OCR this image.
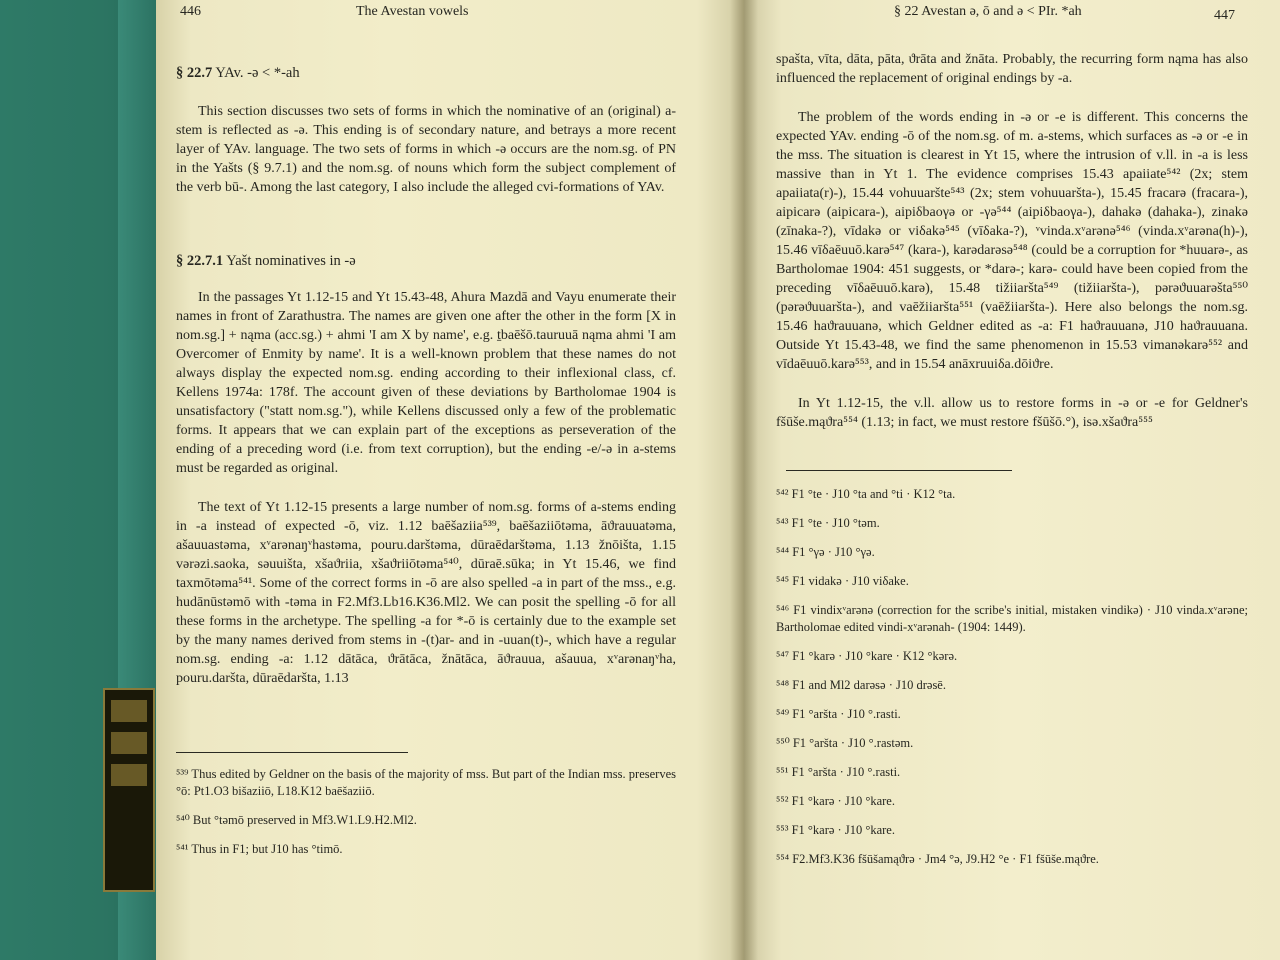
446	The Avestan vowels
§ 22.7 YAv. -ə < *-ah
This section discusses two sets of forms in which the nominative of an (original) a-stem is reflected as -ə. This ending is of secondary nature, and betrays a more recent layer of YAv. language. The two sets of forms in which -ə occurs are the nom.sg. of PN in the Yašts (§ 9.7.1) and the nom.sg. of nouns which form the subject complement of the verb bū-. Among the last category, I also include the alleged cvi-formations of YAv.
§ 22.7.1 Yašt nominatives in -ə
In the passages Yt 1.12-15 and Yt 15.43-48, Ahura Mazdā and Vayu enumerate their names in front of Zarathustra. The names are given one after the other in the form [X in nom.sg.] + nąma (acc.sg.) + ahmi 'I am X by name', e.g. ṯbaēšō.tauruuā nąma ahmi 'I am Overcomer of Enmity by name'. It is a well-known problem that these names do not always display the expected nom.sg. ending according to their inflexional class, cf. Kellens 1974a: 178f. The account given of these deviations by Bartholomae 1904 is unsatisfactory ("statt nom.sg."), while Kellens discussed only a few of the problematic forms. It appears that we can explain part of the exceptions as perseveration of the ending of a preceding word (i.e. from text corruption), but the ending -e/-ə in a-stems must be regarded as original.
The text of Yt 1.12-15 presents a large number of nom.sg. forms of a-stems ending in -a instead of expected -ō, viz. 1.12 baēšaziia⁵³⁹, baēšaziiōtəma, āϑrauuatəma, ašauuastəma, xᵛarənaŋᵛhastəma, pouru.darštəma, dūraēdarštəma, 1.13 žnōišta, 1.15 vərəzi.saoka, səuuišta, xšaϑriia, xšaϑriiōtəma⁵⁴⁰, dūraē.sūka; in Yt 15.46, we find taxmōtəma⁵⁴¹. Some of the correct forms in -ō are also spelled -a in part of the mss., e.g. hudānūstəmō with -təma in F2.Mf3.Lb16.K36.Ml2. We can posit the spelling -ō for all these forms in the archetype. The spelling -a for *-ō is certainly due to the example set by the many names derived from stems in -(t)ar- and in -uuan(t)-, which have a regular nom.sg. ending -a: 1.12 dātāca, ϑrātāca, žnātāca, āϑrauua, ašauua, xᵛarənaŋᵛha, pouru.daršta, dūraēdaršta, 1.13
⁵³⁹ Thus edited by Geldner on the basis of the majority of mss. But part of the Indian mss. preserves °ō: Pt1.O3 bišaziiō, L18.K12 baēšaziiō.
⁵⁴⁰ But °təmō preserved in Mf3.W1.L9.H2.Ml2.
⁵⁴¹ Thus in F1; but J10 has °timō.
§ 22 Avestan ə, ō and ə < PIr. *ah	447
spašta, vīta, dāta, pāta, ϑrāta and žnāta. Probably, the recurring form nąma has also influenced the replacement of original endings by -a.
The problem of the words ending in -ə or -e is different. This concerns the expected YAv. ending -ō of the nom.sg. of m. a-stems, which surfaces as -ə or -e in the mss. The situation is clearest in Yt 15, where the intrusion of v.ll. in -a is less massive than in Yt 1. The evidence comprises 15.43 apaiiate⁵⁴² (2x; stem apaiiata(r)-), 15.44 vohuuaršte⁵⁴³ (2x; stem vohuuaršta-), 15.45 fracarə (fracara-), aipicarə (aipicara-), aipiδbaoγə or -γə⁵⁴⁴ (aipiδbaoγa-), dahakə (dahaka-), zinakə (zīnaka-?), vīdakə or viδakə⁵⁴⁵ (vīδaka-?), ᵛvinda.xᵛarənə⁵⁴⁶ (vinda.xᵛarəna(h)-), 15.46 vīδaēuuō.karə⁵⁴⁷ (kara-), karədarəsə⁵⁴⁸ (could be a corruption for *huuarə-, as Bartholomae 1904: 451 suggests, or *darə-; karə- could have been copied from the preceding vīδaēuuō.karə), 15.48 tižiiaršta⁵⁴⁹ (tižiiaršta-), pərəϑuuarəšta⁵⁵⁰ (pərəϑuuaršta-), and vaēžiiaršta⁵⁵¹ (vaēžiiaršta-). Here also belongs the nom.sg. 15.46 haϑrauuanə, which Geldner edited as -a: F1 haϑrauuanə, J10 haϑrauuana. Outside Yt 15.43-48, we find the same phenomenon in 15.53 vimanəkarə⁵⁵² and vīdaēuuō.karə⁵⁵³, and in 15.54 anāxruuiδa.dōiϑre.
In Yt 1.12-15, the v.ll. allow us to restore forms in -ə or -e for Geldner's fšūše.mąϑra⁵⁵⁴ (1.13; in fact, we must restore fšūšō.°), isə.xšaϑra⁵⁵⁵
⁵⁴² F1 °te · J10 °ta and °ti · K12 °ta.
⁵⁴³ F1 °te · J10 °təm.
⁵⁴⁴ F1 °γə · J10 °γə.
⁵⁴⁵ F1 vidakə · J10 viδake.
⁵⁴⁶ F1 vindixᵛarənə (correction for the scribe's initial, mistaken vindikə) · J10 vinda.xᵛarəne; Bartholomae edited vindi-xᵛarənah- (1904: 1449).
⁵⁴⁷ F1 °karə · J10 °kare · K12 °kərə.
⁵⁴⁸ F1 and Ml2 darəsə · J10 drəsē.
⁵⁴⁹ F1 °aršta · J10 °.rasti.
⁵⁵⁰ F1 °aršta · J10 °.rastəm.
⁵⁵¹ F1 °aršta · J10 °.rasti.
⁵⁵² F1 °karə · J10 °kare.
⁵⁵³ F1 °karə · J10 °kare.
⁵⁵⁴ F2.Mf3.K36 fšūšamąϑrə · Jm4 °ə, J9.H2 °e · F1 fšūše.mąϑre.
